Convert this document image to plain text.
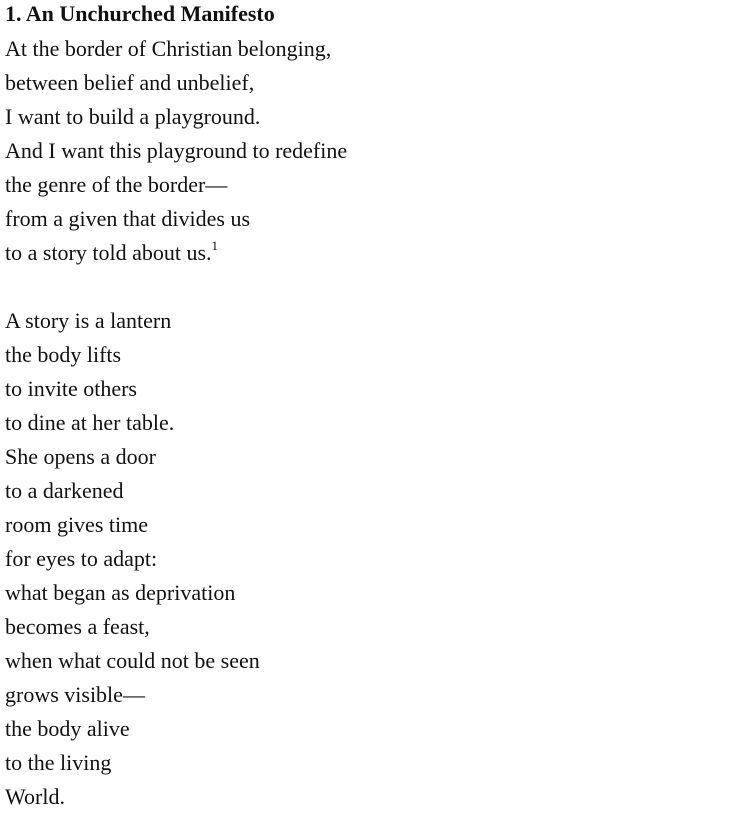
1. An Unchurched Manifesto
At the border of Christian belonging,
between belief and unbelief,
I want to build a playground.
And I want this playground to redefine
the genre of the border—
from a given that divides us
to a story told about us.$^1$
A story is a lantern
the body lifts
to invite others
to dine at her table.
She opens a door
to a darkened
room gives time
for eyes to adapt:
what began as deprivation
becomes a feast,
when what could not be seen
grows visible—
the body alive
to the living
World.
